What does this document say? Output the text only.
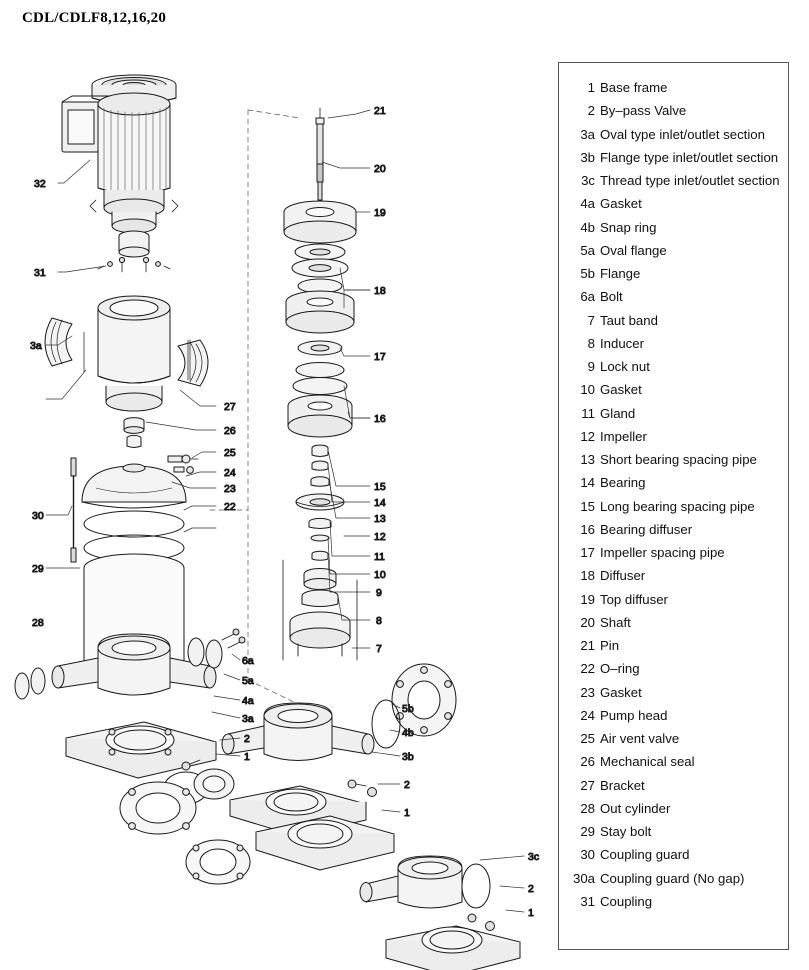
CDL/CDLF8,12,16,20
32
31
3a
30
29
28
27
26
25
24
23
22
21
20
19
18
17
16
15
14
13
12
11
10
9
8
7
6a
5a
4a
3a
2
1
5b
4b
3b
2
1
3c
2
1
1 Base frame
2 By–pass Valve
3a Oval type inlet/outlet section
3b Flange type inlet/outlet section
3c Thread type inlet/outlet section
4a Gasket
4b Snap ring
5a Oval flange
5b Flange
6a Bolt
7 Taut band
8 Inducer
9 Lock nut
10 Gasket
11 Gland
12 Impeller
13 Short bearing spacing pipe
14 Bearing
15 Long bearing spacing pipe
16 Bearing diffuser
17 Impeller spacing pipe
18 Diffuser
19 Top diffuser
20 Shaft
21 Pin
22 O–ring
23 Gasket
24 Pump head
25 Air vent valve
26 Mechanical seal
27 Bracket
28 Out cylinder
29 Stay bolt
30 Coupling guard
30a Coupling guard (No gap)
31 Coupling
